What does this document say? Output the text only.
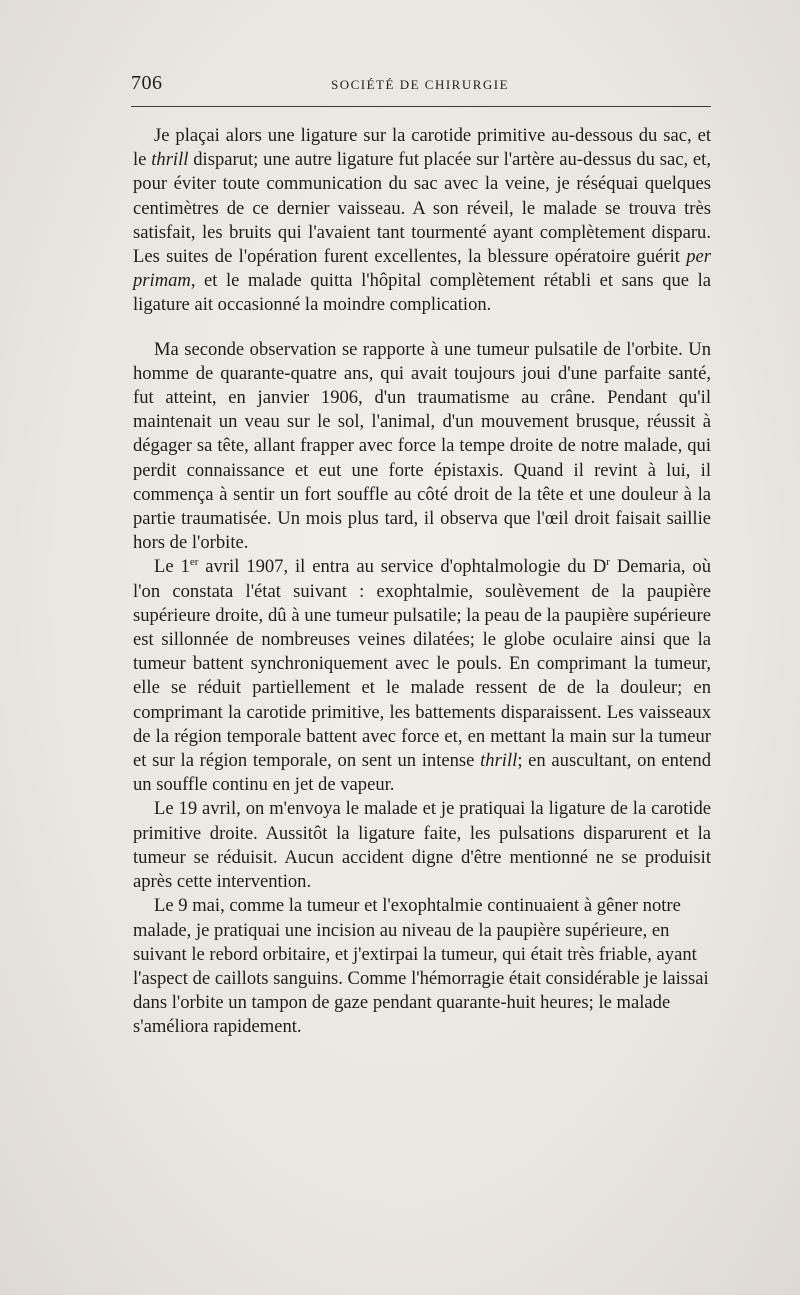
706	SOCIÉTÉ DE CHIRURGIE

Je plaçai alors une ligature sur la carotide primitive au-dessous du sac, et le thrill disparut; une autre ligature fut placée sur l'artère au-dessus du sac, et, pour éviter toute communication du sac avec la veine, je réséquai quelques centimètres de ce dernier vaisseau. A son réveil, le malade se trouva très satisfait, les bruits qui l'avaient tant tourmenté ayant complètement disparu. Les suites de l'opération furent excellentes, la blessure opératoire guérit per primam, et le malade quitta l'hôpital complètement rétabli et sans que la ligature ait occasionné la moindre complication.

Ma seconde observation se rapporte à une tumeur pulsatile de l'orbite. Un homme de quarante-quatre ans, qui avait toujours joui d'une parfaite santé, fut atteint, en janvier 1906, d'un traumatisme au crâne. Pendant qu'il maintenait un veau sur le sol, l'animal, d'un mouvement brusque, réussit à dégager sa tête, allant frapper avec force la tempe droite de notre malade, qui perdit connaissance et eut une forte épistaxis. Quand il revint à lui, il commença à sentir un fort souffle au côté droit de la tête et une douleur à la partie traumatisée. Un mois plus tard, il observa que l'œil droit faisait saillie hors de l'orbite.

Le 1er avril 1907, il entra au service d'ophtalmologie du $D^r$ Demaria, où l'on constata l'état suivant : exophtalmie, soulèvement de la paupière supérieure droite, dû à une tumeur pulsatile; la peau de la paupière supérieure est sillonnée de nombreuses veines dilatées; le globe oculaire ainsi que la tumeur battent synchroniquement avec le pouls. En comprimant la tumeur, elle se réduit partiellement et le malade ressent de de la douleur; en comprimant la carotide primitive, les battements disparaissent. Les vaisseaux de la région temporale battent avec force et, en mettant la main sur la tumeur et sur la région temporale, on sent un intense thrill; en auscultant, on entend un souffle continu en jet de vapeur.

Le 19 avril, on m'envoya le malade et je pratiquai la ligature de la carotide primitive droite. Aussitôt la ligature faite, les pulsations disparurent et la tumeur se réduisit. Aucun accident digne d'être mentionné ne se produisit après cette intervention.

Le 9 mai, comme la tumeur et l'exophtalmie continuaient à gêner notre malade, je pratiquai une incision au niveau de la paupière supérieure, en suivant le rebord orbitaire, et j'extirpai la tumeur, qui était très friable, ayant l'aspect de caillots sanguins. Comme l'hémorragie était considérable je laissai dans l'orbite un tampon de gaze pendant quarante-huit heures; le malade s'améliora rapidement.
